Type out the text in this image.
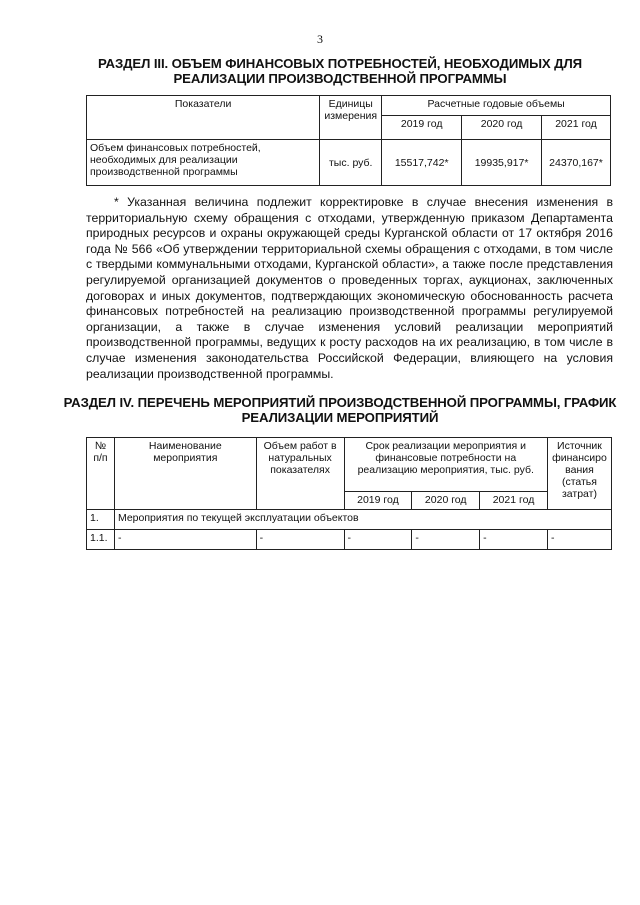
3
РАЗДЕЛ III. ОБЪЕМ ФИНАНСОВЫХ ПОТРЕБНОСТЕЙ, НЕОБХОДИМЫХ ДЛЯ РЕАЛИЗАЦИИ ПРОИЗВОДСТВЕННОЙ ПРОГРАММЫ
Показатели	Единицы измерения	Расчетные годовые объемы		
		2019 год	2020 год	2021 год
Объем финансовых потребностей, необходимых для реализации производственной программы	тыс. руб.	15517,742*	19935,917*	24370,167*
* Указанная величина подлежит корректировке в случае внесения изменения в территориальную схему обращения с отходами, утвержденную приказом Департамента природных ресурсов и охраны окружающей среды Курганской области от 17 октября 2016 года № 566 «Об утверждении территориальной схемы обращения с отходами, в том числе с твердыми коммунальными отходами, Курганской области», а также после представления регулируемой организацией документов о проведенных торгах, аукционах, заключенных договорах и иных документов, подтверждающих экономическую обоснованность расчета финансовых потребностей на реализацию производственной программы регулируемой организации, а также в случае изменения условий реализации мероприятий производственной программы, ведущих к росту расходов на их реализацию, в том числе в случае изменения законодательства Российской Федерации, влияющего на условия реализации производственной программы.
РАЗДЕЛ IV. ПЕРЕЧЕНЬ МЕРОПРИЯТИЙ ПРОИЗВОДСТВЕННОЙ ПРОГРАММЫ, ГРАФИК РЕАЛИЗАЦИИ МЕРОПРИЯТИЙ
№ п/п	Наименование мероприятия	Объем работ в натуральных показателях	Срок реализации мероприятия и финансовые потребности на реализацию мероприятия, тыс. руб.			Источник финансиро вания (статья затрат)
			2019 год	2020 год	2021 год	
1.	Мероприятия по текущей эксплуатации объектов					
1.1.	-	-	-	-	-	-
